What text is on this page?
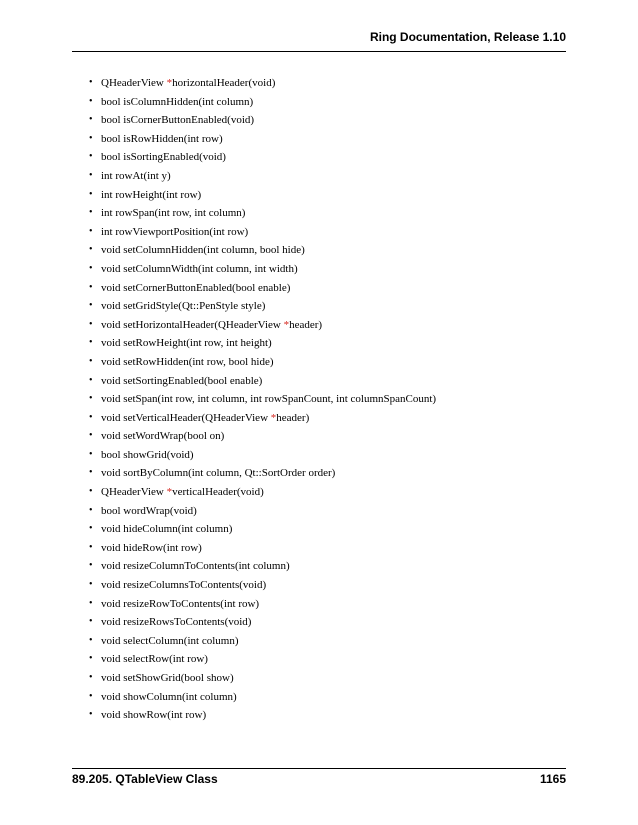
Ring Documentation, Release 1.10
• QHeaderView *horizontalHeader(void)
• bool isColumnHidden(int column)
• bool isCornerButtonEnabled(void)
• bool isRowHidden(int row)
• bool isSortingEnabled(void)
• int rowAt(int y)
• int rowHeight(int row)
• int rowSpan(int row, int column)
• int rowViewportPosition(int row)
• void setColumnHidden(int column, bool hide)
• void setColumnWidth(int column, int width)
• void setCornerButtonEnabled(bool enable)
• void setGridStyle(Qt::PenStyle style)
• void setHorizontalHeader(QHeaderView *header)
• void setRowHeight(int row, int height)
• void setRowHidden(int row, bool hide)
• void setSortingEnabled(bool enable)
• void setSpan(int row, int column, int rowSpanCount, int columnSpanCount)
• void setVerticalHeader(QHeaderView *header)
• void setWordWrap(bool on)
• bool showGrid(void)
• void sortByColumn(int column, Qt::SortOrder order)
• QHeaderView *verticalHeader(void)
• bool wordWrap(void)
• void hideColumn(int column)
• void hideRow(int row)
• void resizeColumnToContents(int column)
• void resizeColumnsToContents(void)
• void resizeRowToContents(int row)
• void resizeRowsToContents(void)
• void selectColumn(int column)
• void selectRow(int row)
• void setShowGrid(bool show)
• void showColumn(int column)
• void showRow(int row)
89.205. QTableView Class	1165
